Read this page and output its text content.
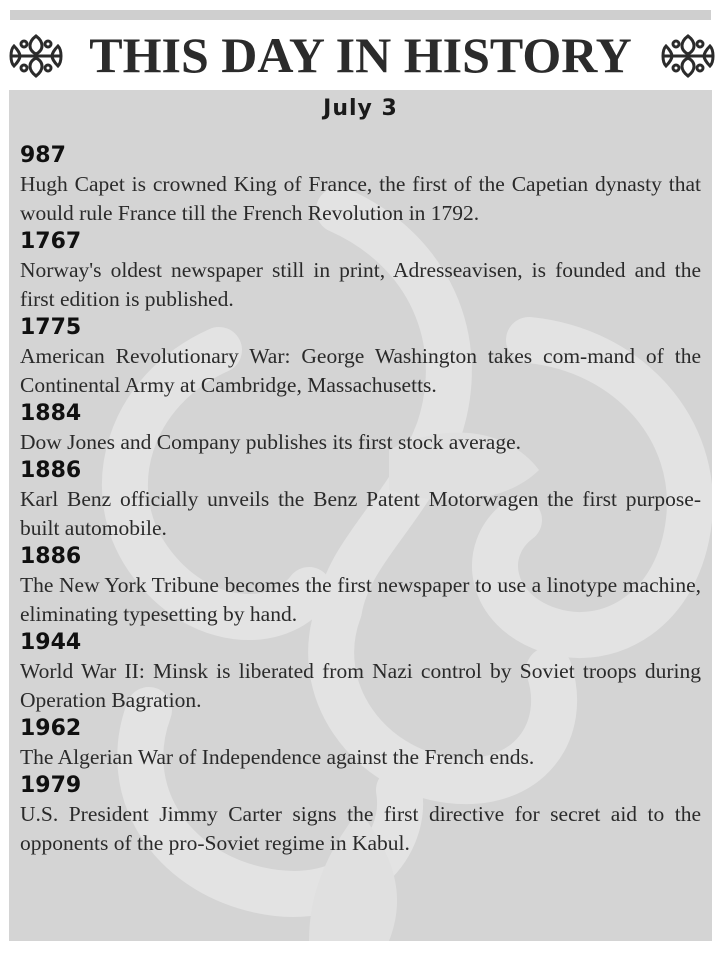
THIS DAY IN HISTORY
July 3
987
Hugh Capet is crowned King of France, the first of the Capetian dynasty that would rule France till the French Revolution in 1792.
1767
Norway's oldest newspaper still in print, Adresseavisen, is founded and the first edition is published.
1775
American Revolutionary War: George Washington takes com-mand of the Continental Army at Cambridge, Massachusetts.
1884
Dow Jones and Company publishes its first stock average.
1886
Karl Benz officially unveils the Benz Patent Motorwagen the first purpose-built automobile.
1886
The New York Tribune becomes the first newspaper to use a linotype machine, eliminating typesetting by hand.
1944
World War II: Minsk is liberated from Nazi control by Soviet troops during Operation Bagration.
1962
The Algerian War of Independence against the French ends.
1979
U.S. President Jimmy Carter signs the first directive for secret aid to the opponents of the pro-Soviet regime in Kabul.
